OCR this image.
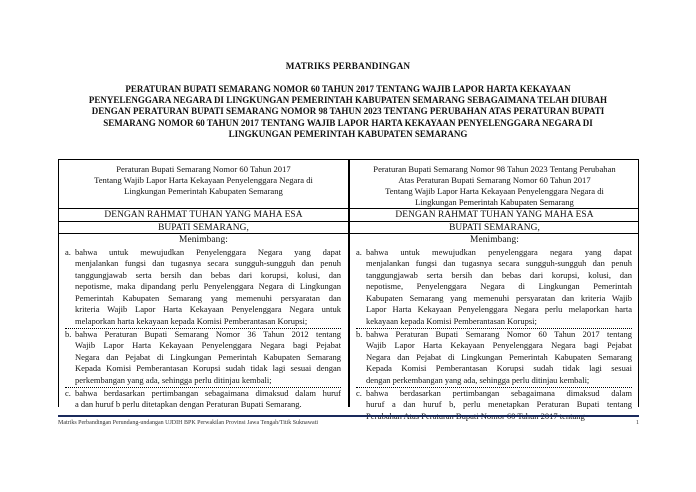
MATRIKS PERBANDINGAN
PERATURAN BUPATI SEMARANG NOMOR 60 TAHUN 2017 TENTANG WAJIB LAPOR HARTA KEKAYAAN
PENYELENGGARA NEGARA DI LINGKUNGAN PEMERINTAH KABUPATEN SEMARANG SEBAGAIMANA TELAH DIUBAH
DENGAN PERATURAN BUPATI SEMARANG NOMOR 98 TAHUN 2023 TENTANG PERUBAHAN ATAS PERATURAN BUPATI
SEMARANG NOMOR 60 TAHUN 2017 TENTANG WAJIB LAPOR HARTA KEKAYAAN PENYELENGGARA NEGARA DI
LINGKUNGAN PEMERINTAH KABUPATEN SEMARANG
Peraturan Bupati Semarang Nomor 60 Tahun 2017
Tentang Wajib Lapor Harta Kekayaan Penyelenggara Negara di
Lingkungan Pemerintah Kabupaten Semarang
DENGAN RAHMAT TUHAN YANG MAHA ESA
BUPATI SEMARANG,
Menimbang:
a. bahwa untuk mewujudkan Penyelenggara Negara yang dapat
menjalankan fungsi dan tugasnya secara sungguh-sungguh dan penuh
tanggungjawab serta bersih dan bebas dari korupsi, kolusi, dan
nepotisme, maka dipandang perlu Penyelenggara Negara di Lingkungan
Pemerintah Kabupaten Semarang yang memenuhi persyaratan dan
kriteria Wajib Lapor Harta Kekayaan Penyelenggara Negara untuk
melaporkan harta kekayaan kepada Komisi Pemberantasan Korupsi;
b. bahwa Peraturan Bupati Semarang Nomor 36 Tahun 2012 tentang
Wajib Lapor Harta Kekayaan Penyelenggara Negara bagi Pejabat
Negara dan Pejabat di Lingkungan Pemerintah Kabupaten Semarang
Kepada Komisi Pemberantasan Korupsi sudah tidak lagi sesuai dengan
perkembangan yang ada, sehingga perlu ditinjau kembali;
c. bahwa berdasarkan pertimbangan sebagaimana dimaksud dalam huruf
a dan huruf b perlu ditetapkan dengan Peraturan Bupati Semarang.
Peraturan Bupati Semarang Nomor 98 Tahun 2023 Tentang Perubahan
Atas Peraturan Bupati Semarang Nomor 60 Tahun 2017
Tentang Wajib Lapor Harta Kekayaan Penyelenggara Negara di
Lingkungan Pemerintah Kabupaten Semarang
DENGAN RAHMAT TUHAN YANG MAHA ESA
BUPATI SEMARANG,
Menimbang:
a. bahwa untuk mewujudkan penyelenggara negara yang dapat
menjalankan fungsi dan tugasnya secara sungguh-sungguh dan penuh
tanggungjawab serta bersih dan bebas dari korupsi, kolusi, dan
nepotisme, Penyelenggara Negara di Lingkungan Pemerintah
Kabupaten Semarang yang memenuhi persyaratan dan kriteria Wajib
Lapor Harta Kekayaan Penyelenggara Negara perlu melaporkan harta
kekayaan kepada Komisi Pemberantasan Korupsi;
b. bahwa Peraturan Bupati Semarang Nomor 60 Tahun 2017 tentang
Wajib Lapor Harta Kekayaan Penyelenggara Negara bagi Pejabat
Negara dan Pejabat di Lingkungan Pemerintah Kabupaten Semarang
Kepada Komisi Pemberantasan Korupsi sudah tidak lagi sesuai
dengan perkembangan yang ada, sehingga perlu ditinjau kembali;
c. bahwa berdasarkan pertimbangan sebagaimana dimaksud dalam
huruf a dan huruf b, perlu menetapkan Peraturan Bupati tentang
Perubahan Atas Peraturan Bupati Nomor 60 Tahun 2017 tentang
Matriks Perbandingan Perundang-undangan UJDIH BPK Perwakilan Provinsi Jawa Tengah/Titik Suknawati	1
